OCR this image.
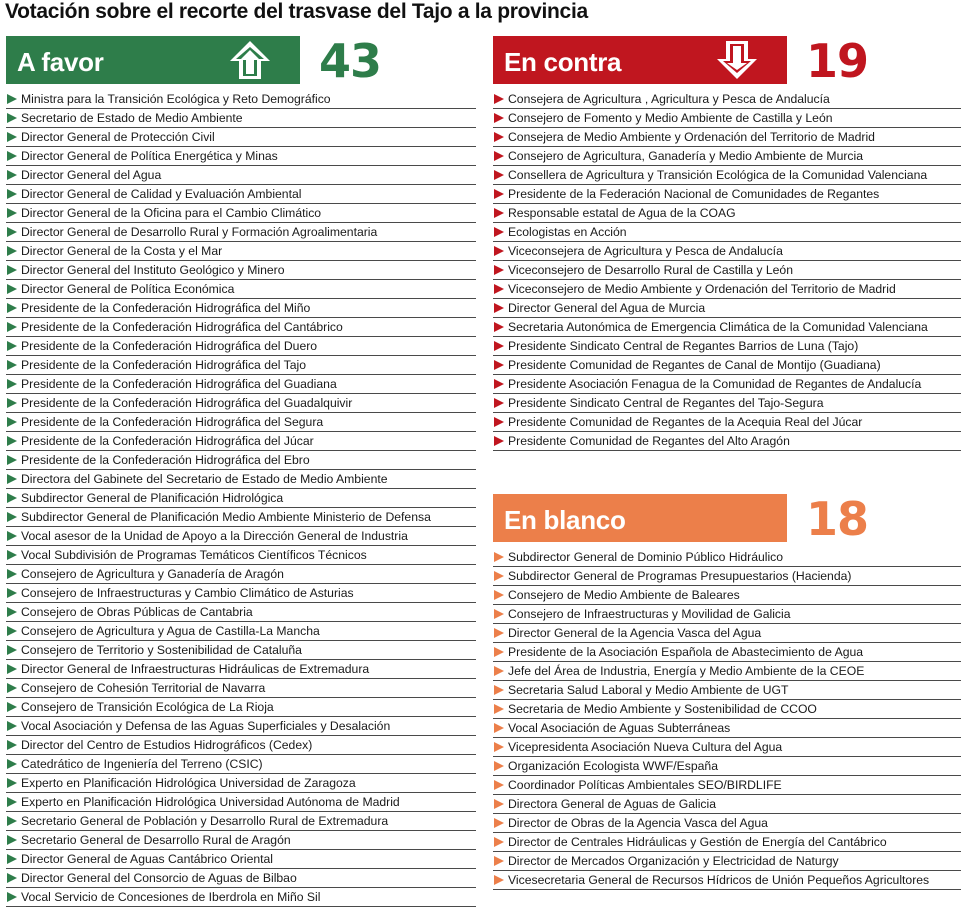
Votación sobre el recorte del trasvase del Tajo a la provincia
A favor	43
Ministra para la Transición Ecológica y Reto Demográfico
Secretario de Estado de Medio Ambiente
Director General de Protección Civil
Director General de Política Energética y Minas
Director General del Agua
Director General de Calidad y Evaluación Ambiental
Director General de la Oficina para el Cambio Climático
Director General de Desarrollo Rural y Formación Agroalimentaria
Director General de la Costa y el Mar
Director General del Instituto Geológico y Minero
Director General de Política Económica
Presidente de la Confederación Hidrográfica del Miño
Presidente de la Confederación Hidrográfica del Cantábrico
Presidente de la Confederación Hidrográfica del Duero
Presidente de la Confederación Hidrográfica del Tajo
Presidente de la Confederación Hidrográfica del Guadiana
Presidente de la Confederación Hidrográfica del Guadalquivir
Presidente de la Confederación Hidrográfica del Segura
Presidente de la Confederación Hidrográfica del Júcar
Presidente de la Confederación Hidrográfica del Ebro
Directora del Gabinete del Secretario de Estado de Medio Ambiente
Subdirector General de Planificación Hidrológica
Subdirector General de Planificación Medio Ambiente Ministerio de Defensa
Vocal asesor de la Unidad de Apoyo a la Dirección General de Industria
Vocal Subdivisión de Programas Temáticos Científicos Técnicos
Consejero de Agricultura y Ganadería de Aragón
Consejero de Infraestructuras y Cambio Climático de Asturias
Consejero de Obras Públicas de Cantabria
Consejero de Agricultura y Agua de Castilla-La Mancha
Consejero de Territorio y Sostenibilidad de Cataluña
Director General de Infraestructuras Hidráulicas de Extremadura
Consejero de Cohesión Territorial de Navarra
Consejero de Transición Ecológica de La Rioja
Vocal Asociación y Defensa de las Aguas Superficiales y Desalación
Director del Centro de Estudios Hidrográficos (Cedex)
Catedrático de Ingeniería del Terreno (CSIC)
Experto en Planificación Hidrológica Universidad de Zaragoza
Experto en Planificación Hidrológica Universidad Autónoma de Madrid
Secretario General de Población y Desarrollo Rural de Extremadura
Secretario General de Desarrollo Rural de Aragón
Director General de Aguas Cantábrico Oriental
Director General del Consorcio de Aguas de Bilbao
Vocal Servicio de Concesiones de Iberdrola en Miño Sil
En contra	19
Consejera de Agricultura , Agricultura y Pesca de Andalucía
Consejero de Fomento y Medio Ambiente de Castilla y León
Consejera de Medio Ambiente y Ordenación del Territorio de Madrid
Consejero de Agricultura, Ganadería y Medio Ambiente de Murcia
Consellera de Agricultura y Transición Ecológica de la Comunidad Valenciana
Presidente de la Federación Nacional de Comunidades de Regantes
Responsable estatal de Agua de la COAG
Ecologistas en Acción
Viceconsejera de Agricultura y Pesca de Andalucía
Viceconsejero de Desarrollo Rural de Castilla y León
Viceconsejero de Medio Ambiente y Ordenación del Territorio de Madrid
Director General del Agua de Murcia
Secretaria Autonómica de Emergencia Climática de la Comunidad Valenciana
Presidente Sindicato Central de Regantes Barrios de Luna (Tajo)
Presidente Comunidad de Regantes de Canal de Montijo (Guadiana)
Presidente Asociación Fenagua de la Comunidad de Regantes de Andalucía
Presidente Sindicato Central de Regantes del Tajo-Segura
Presidente Comunidad de Regantes de la Acequia Real del Júcar
Presidente Comunidad de Regantes del Alto Aragón
En blanco	18
Subdirector General de Dominio Público Hidráulico
Subdirector General de Programas Presupuestarios (Hacienda)
Consejero de Medio Ambiente de Baleares
Consejero de Infraestructuras y Movilidad de Galicia
Director General de la Agencia Vasca del Agua
Presidente de la Asociación Española de Abastecimiento de Agua
Jefe del Área de Industria, Energía y Medio Ambiente de la CEOE
Secretaria Salud Laboral y Medio Ambiente de UGT
Secretaria de Medio Ambiente y Sostenibilidad de CCOO
Vocal Asociación de Aguas Subterráneas
Vicepresidenta Asociación Nueva Cultura del Agua
Organización Ecologista WWF/España
Coordinador Políticas Ambientales SEO/BIRDLIFE
Directora General de Aguas de Galicia
Director de Obras de la Agencia Vasca del Agua
Director de Centrales Hidráulicas y Gestión de Energía del Cantábrico
Director de Mercados Organización y Electricidad de Naturgy
Vicesecretaria General de Recursos Hídricos de Unión Pequeños Agricultores
